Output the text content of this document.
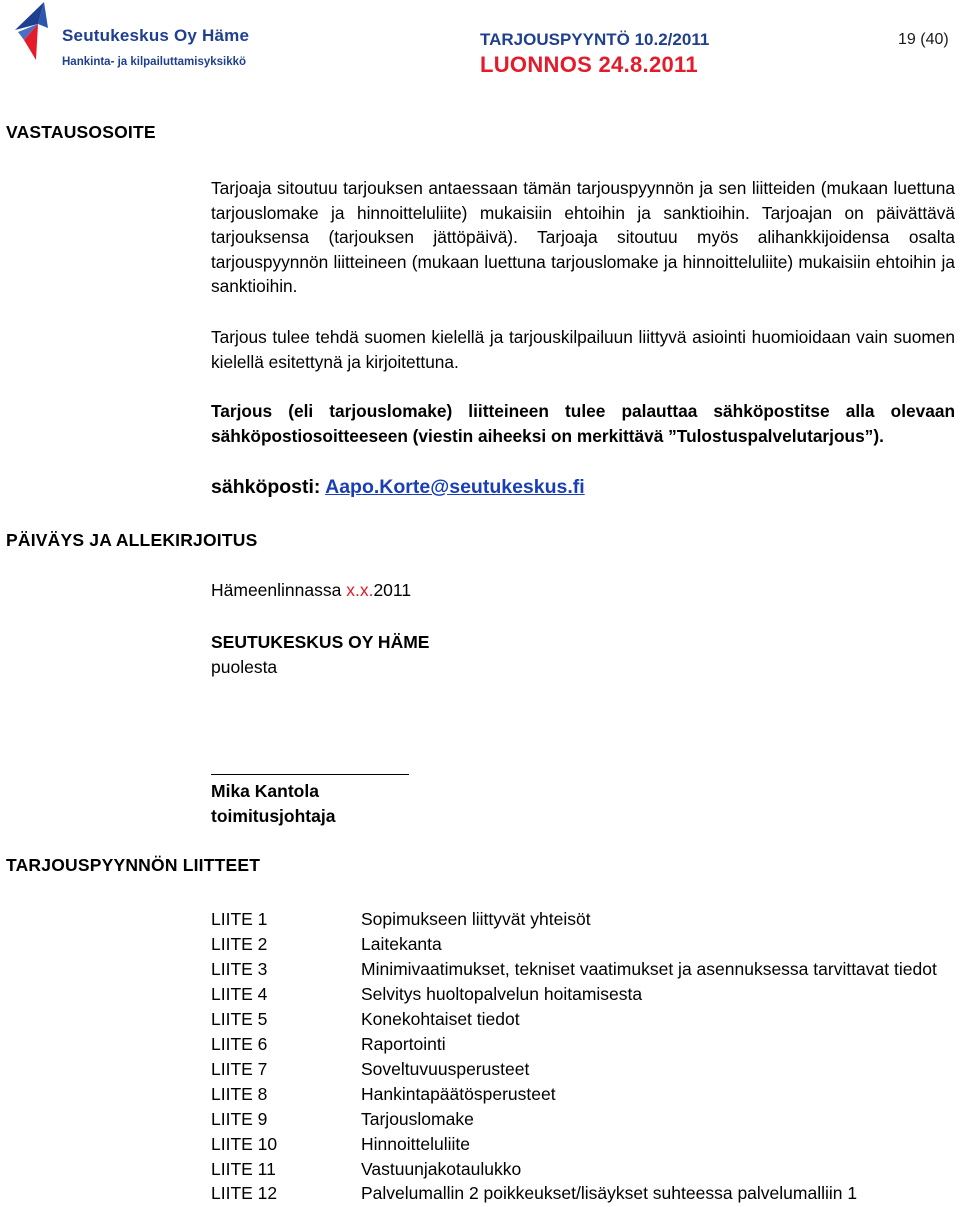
Seutukeskus Oy Häme
Hankinta- ja kilpailuttamisyksikkö
TARJOUSPYYNTÖ 10.2/2011
LUONNOS 24.8.2011
19 (40)
VASTAUSOSOITE
PÄIVÄYS JA ALLEKIRJOITUS
TARJOUSPYYNNÖN LIITTEET
Tarjoaja sitoutuu tarjouksen antaessaan tämän tarjouspyynnön ja sen liitteiden (mukaan luettuna tarjouslomake ja hinnoitteluliite) mukaisiin ehtoihin ja sanktioihin. Tarjoajan on päivättävä tarjouksensa (tarjouksen jättöpäivä). Tarjoaja sitoutuu myös alihankkijoidensa osalta tarjouspyynnön liitteineen (mukaan luettuna tarjouslomake ja hinnoitteluliite) mukaisiin ehtoihin ja sanktioihin.
Tarjous tulee tehdä suomen kielellä ja tarjouskilpailuun liittyvä asiointi huomioidaan vain suomen kielellä esitettynä ja kirjoitettuna.
Tarjous (eli tarjouslomake) liitteineen tulee palauttaa sähköpostitse alla olevaan sähköpostiosoitteeseen (viestin aiheeksi on merkittävä ”Tulostuspalvelutarjous”).
sähköposti: Aapo.Korte@seutukeskus.fi
Hämeenlinnassa x.x.2011
SEUTUKESKUS OY HÄME
puolesta
Mika Kantola
toimitusjohtaja
LIITE 1	Sopimukseen liittyvät yhteisöt
LIITE 2	Laitekanta
LIITE 3	Minimivaatimukset, tekniset vaatimukset ja asennuksessa tarvittavat tiedot
LIITE 4	Selvitys huoltopalvelun hoitamisesta
LIITE 5	Konekohtaiset tiedot
LIITE 6	Raportointi
LIITE 7	Soveltuvuusperusteet
LIITE 8	Hankintapäätösperusteet
LIITE 9	Tarjouslomake
LIITE 10	Hinnoitteluliite
LIITE 11	Vastuunjakotaulukko
LIITE 12	Palvelumallin 2 poikkeukset/lisäykset suhteessa palvelumalliin 1
